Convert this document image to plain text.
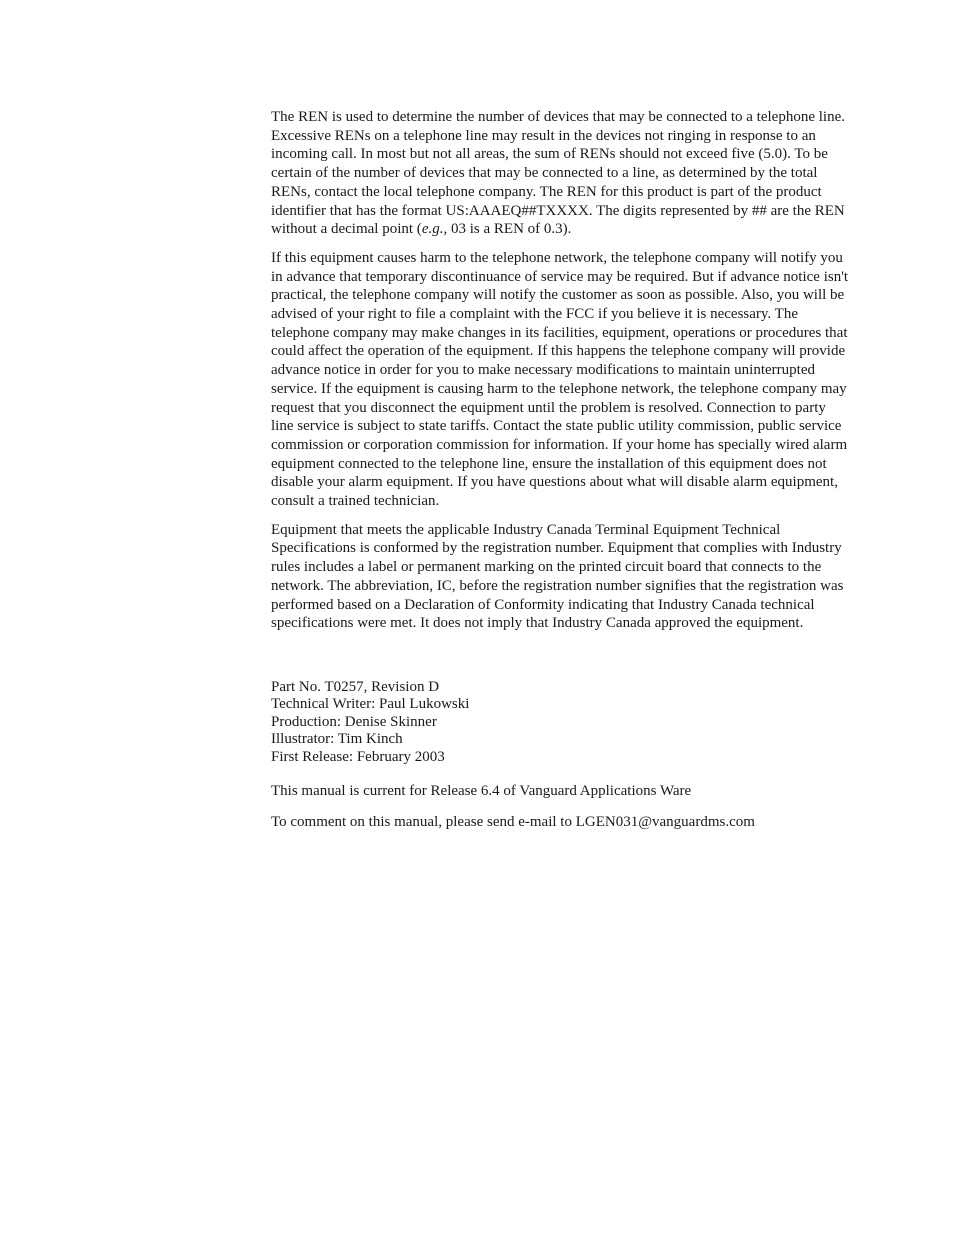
The REN is used to determine the number of devices that may be connected to a telephone line. Excessive RENs on a telephone line may result in the devices not ringing in response to an incoming call. In most but not all areas, the sum of RENs should not exceed five (5.0). To be certain of the number of devices that may be connected to a line, as determined by the total RENs, contact the local telephone company. The REN for this product is part of the product identifier that has the format US:AAAEQ##TXXXX. The digits represented by ## are the REN without a decimal point (e.g., 03 is a REN of 0.3).

If this equipment causes harm to the telephone network, the telephone company will notify you in advance that temporary discontinuance of service may be required. But if advance notice isn't practical, the telephone company will notify the customer as soon as possible. Also, you will be advised of your right to file a complaint with the FCC if you believe it is necessary. The telephone company may make changes in its facilities, equipment, operations or procedures that could affect the operation of the equipment. If this happens the telephone company will provide advance notice in order for you to make necessary modifications to maintain uninterrupted service. If the equipment is causing harm to the telephone network, the telephone company may request that you disconnect the equipment until the problem is resolved. Connection to party line service is subject to state tariffs. Contact the state public utility commission, public service commission or corporation commission for information. If your home has specially wired alarm equipment connected to the telephone line, ensure the installation of this equipment does not disable your alarm equipment. If you have questions about what will disable alarm equipment, consult a trained technician.

Equipment that meets the applicable Industry Canada Terminal Equipment Technical Specifications is conformed by the registration number. Equipment that complies with Industry rules includes a label or permanent marking on the printed circuit board that connects to the network. The abbreviation, IC, before the registration number signifies that the registration was performed based on a Declaration of Conformity indicating that Industry Canada technical specifications were met. It does not imply that Industry Canada approved the equipment.

Part No. T0257, Revision D
Technical Writer: Paul Lukowski
Production: Denise Skinner
Illustrator: Tim Kinch
First Release: February 2003

This manual is current for Release 6.4 of Vanguard Applications Ware

To comment on this manual, please send e-mail to LGEN031@vanguardms.com
